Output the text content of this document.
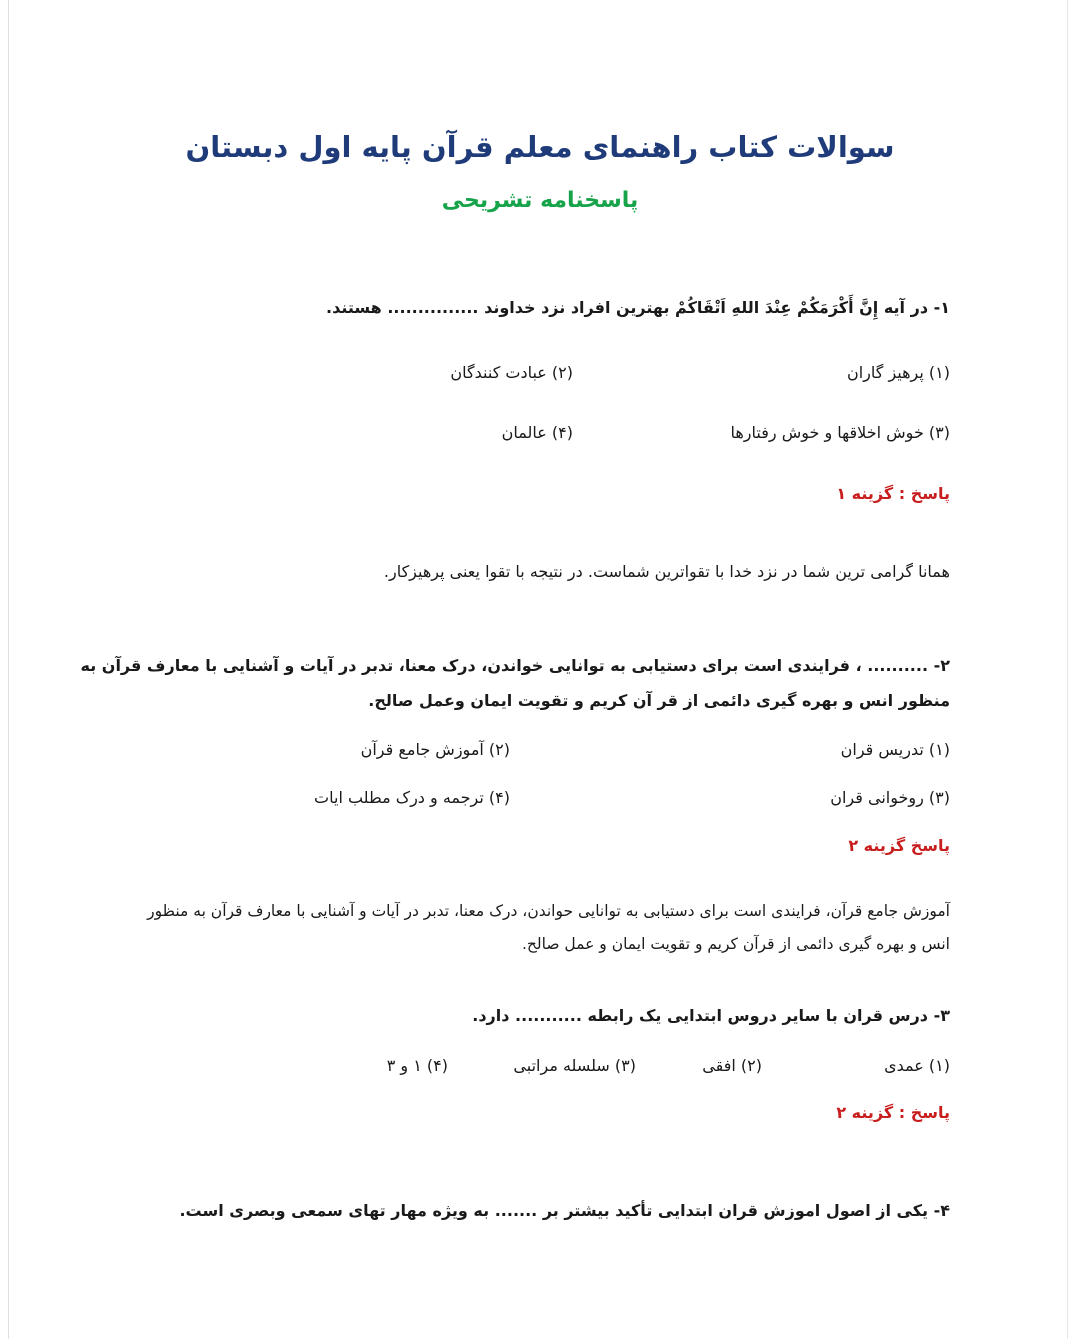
سوالات کتاب راهنمای معلم قرآن پایه اول دبستان
پاسخنامه تشریحی

۱- در آیه إِنَّ أَكْرَمَكُمْ عِنْدَ اللهِ اَتْقَاكُمْ بهترین افراد نزد خداوند ............... هستند.

(۱) پرهیز گاران
(۲) عبادت کنندگان
(۳) خوش اخلاقها و خوش رفتارها
(۴) عالمان

پاسخ : گزینه ۱

همانا گرامی ترین شما در نزد خدا با تقواترین شماست. در نتیجه با تقوا یعنی پرهیزکار.

۲- .......... ، فرایندی است برای دستیابی به توانایی خواندن، درک معنا، تدبر در آیات و آشنایی با معارف قرآن به

منظور انس و بهره گیری دائمی از قر آن کریم و تقویت ایمان وعمل صالح.

(۱) تدریس قران
(۲) آموزش جامع قرآن
(۳) روخوانی قران
(۴) ترجمه و درک مطلب ایات

پاسخ گزینه ۲

آموزش جامع قرآن، فرایندی است برای دستیابی به توانایی حواندن، درک معنا، تدبر در آیات و آشنایی با معارف قرآن به منظور

انس و بهره گیری دائمی از قرآن کریم و تقویت ایمان و عمل صالح.

۳- درس قران با سایر دروس ابتدایی یک رابطه ........... دارد.

(۱) عمدی
(۲) افقی
(۳) سلسله مراتبی
(۴) ۱ و ۳

پاسخ : گزینه ۲

۴- یکی از اصول اموزش قران ابتدایی تأکید بیشتر بر ....... به ویژه مهار تهای سمعی وبصری است.
